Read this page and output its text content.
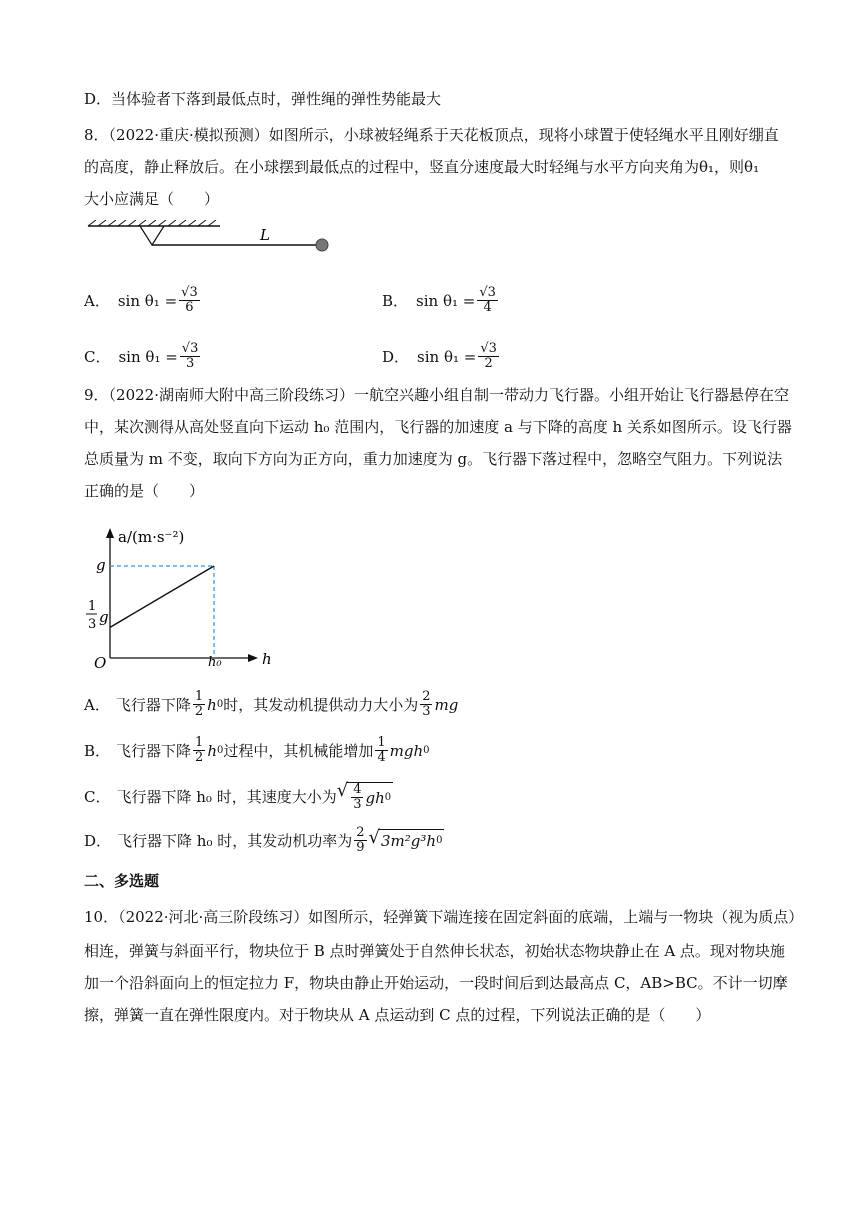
D．当体验者下落到最低点时，弹性绳的弹性势能最大
8．（2022·重庆·模拟预测）如图所示，小球被轻绳系于天花板顶点，现将小球置于使轻绳水平且刚好绷直
的高度，静止释放后。在小球摆到最低点的过程中，竖直分速度最大时轻绳与水平方向夹角为θ₁，则θ₁
大小应满足（　　）
L
A． $\sin \theta_1 = \frac{√3}{6}$	B． $\sin \theta_1 = \frac{√3}{4}$
C． $\sin \theta_1 = \frac{√3}{3}$	D． $\sin \theta_1 = \frac{√3}{2}$
9．（2022·湖南师大附中高三阶段练习）一航空兴趣小组自制一带动力飞行器。小组开始让飞行器悬停在空
中，某次测得从高处竖直向下运动 h₀ 范围内，飞行器的加速度 a 与下降的高度 h 关系如图所示。设飞行器
总质量为 m 不变，取向下方向为正方向，重力加速度为 g。飞行器下落过程中，忽略空气阻力。下列说法
正确的是（　　）
a/(m·s⁻²)
h
O
g
1
3 g
h₀
A． 飞行器下降 $\frac{1}{2}$ h 0 时，其发动机提供动力大小为 $\frac{2}{3}$ mg
B． 飞行器下降 $\frac{1}{2}$ h 0 过程中，其机械能增加 $\frac{1}{4}$ mgh 0
C． 飞行器下降 h₀ 时，其速度大小为 √ $\frac{4}{3}$ gh 0
D． 飞行器下降 h₀ 时，其发动机功率为 $\frac{2}{9}$ √ 3m²g³h 0
二、多选题
10．（2022·河北·高三阶段练习）如图所示，轻弹簧下端连接在固定斜面的底端，上端与一物块（视为质点）
相连，弹簧与斜面平行，物块位于 B 点时弹簧处于自然伸长状态，初始状态物块静止在 A 点。现对物块施
加一个沿斜面向上的恒定拉力 F，物块由静止开始运动，一段时间后到达最高点 C，AB>BC。不计一切摩
擦，弹簧一直在弹性限度内。对于物块从 A 点运动到 C 点的过程，下列说法正确的是（　　）
